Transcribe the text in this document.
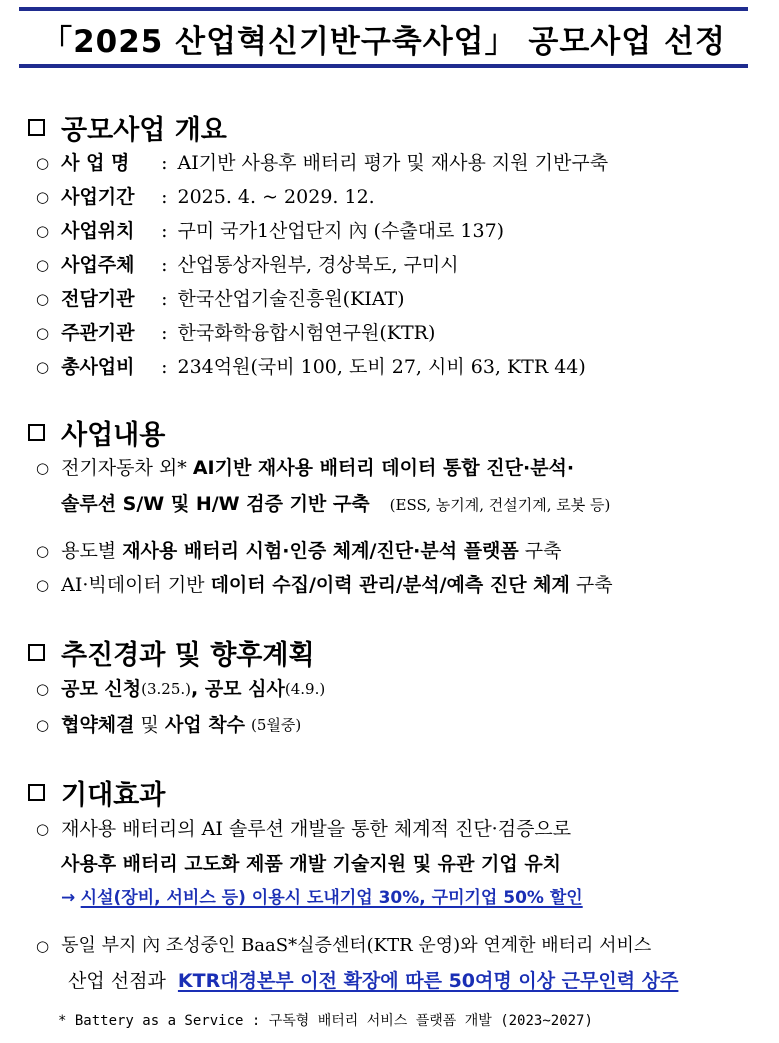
「2025 산업혁신기반구축사업」 공모사업 선정
공모사업 개요
○ 사 업 명	: AI기반 사용후 배터리 평가 및 재사용 지원 기반구축
○ 사업기간	: 2025. 4. ~ 2029. 12.
○ 사업위치	: 구미 국가1산업단지 內 (수출대로 137)
○ 사업주체	: 산업통상자원부, 경상북도, 구미시
○ 전담기관	: 한국산업기술진흥원(KIAT)
○ 주관기관	: 한국화학융합시험연구원(KTR)
○ 총사업비	: 234억원(국비 100, 도비 27, 시비 63, KTR 44)
사업내용
○ 전기자동차 외* AI기반 재사용 배터리 데이터 통합 진단·분석·
솔루션 S/W 및 H/W 검증 기반 구축 (ESS, 농기계, 건설기계, 로봇 등)
○ 용도별 재사용 배터리 시험·인증 체계/진단·분석 플랫폼 구축
○ AI·빅데이터 기반 데이터 수집/이력 관리/분석/예측 진단 체계 구축
추진경과 및 향후계획
○ 공모 신청 (3.25.) , 공모 심사 (4.9.)
○ 협약체결 및 사업 착수 (5월중)
기대효과
○ 재사용 배터리의 AI 솔루션 개발을 통한 체계적 진단·검증으로
사용후 배터리 고도화 제품 개발 기술지원 및 유관 기업 유치
→ 시설(장비, 서비스 등) 이용시 도내기업 30%, 구미기업 50% 할인
○ 동일 부지 內 조성중인 BaaS*실증센터(KTR 운영)와 연계한 배터리 서비스
산업 선점과  KTR대경본부 이전 확장에 따른 50여명 이상 근무인력 상주
* Battery as a Service : 구독형 배터리 서비스 플랫폼 개발 (2023~2027)
